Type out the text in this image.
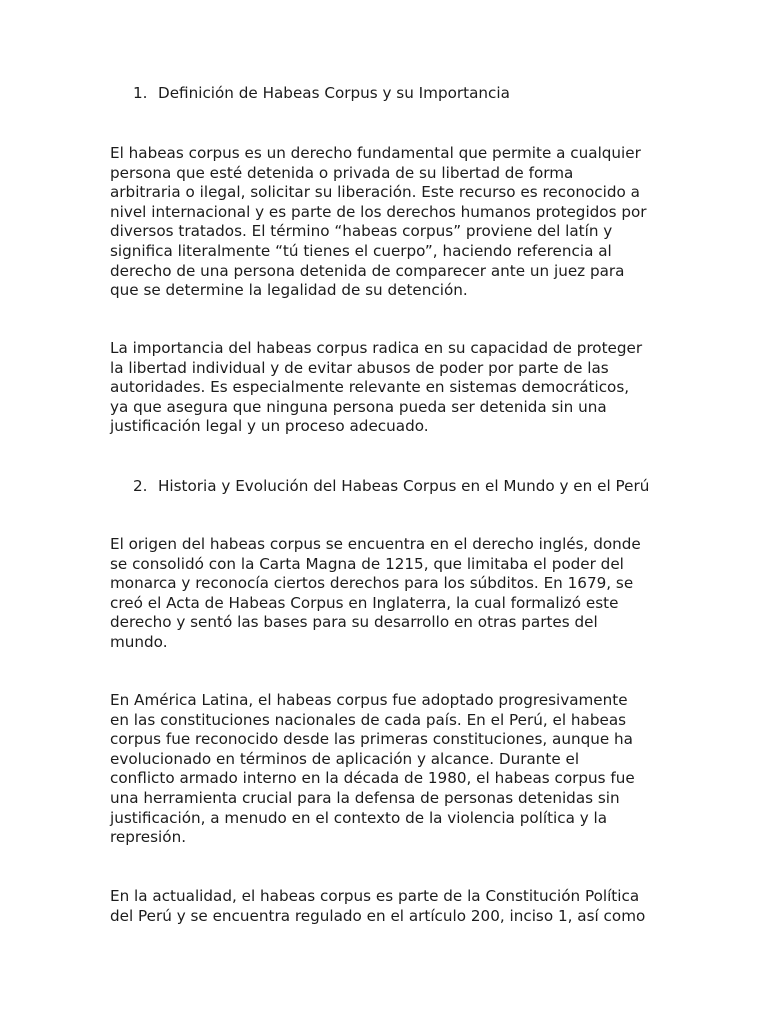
1. Definición de Habeas Corpus y su Importancia

El habeas corpus es un derecho fundamental que permite a cualquier
persona que esté detenida o privada de su libertad de forma
arbitraria o ilegal, solicitar su liberación. Este recurso es reconocido a
nivel internacional y es parte de los derechos humanos protegidos por
diversos tratados. El término “habeas corpus” proviene del latín y
significa literalmente “tú tienes el cuerpo”, haciendo referencia al
derecho de una persona detenida de comparecer ante un juez para
que se determine la legalidad de su detención.

La importancia del habeas corpus radica en su capacidad de proteger
la libertad individual y de evitar abusos de poder por parte de las
autoridades. Es especialmente relevante en sistemas democráticos,
ya que asegura que ninguna persona pueda ser detenida sin una
justificación legal y un proceso adecuado.

2. Historia y Evolución del Habeas Corpus en el Mundo y en el Perú

El origen del habeas corpus se encuentra en el derecho inglés, donde
se consolidó con la Carta Magna de 1215, que limitaba el poder del
monarca y reconocía ciertos derechos para los súbditos. En 1679, se
creó el Acta de Habeas Corpus en Inglaterra, la cual formalizó este
derecho y sentó las bases para su desarrollo en otras partes del
mundo.

En América Latina, el habeas corpus fue adoptado progresivamente
en las constituciones nacionales de cada país. En el Perú, el habeas
corpus fue reconocido desde las primeras constituciones, aunque ha
evolucionado en términos de aplicación y alcance. Durante el
conflicto armado interno en la década de 1980, el habeas corpus fue
una herramienta crucial para la defensa de personas detenidas sin
justificación, a menudo en el contexto de la violencia política y la
represión.

En la actualidad, el habeas corpus es parte de la Constitución Política
del Perú y se encuentra regulado en el artículo 200, inciso 1, así como
